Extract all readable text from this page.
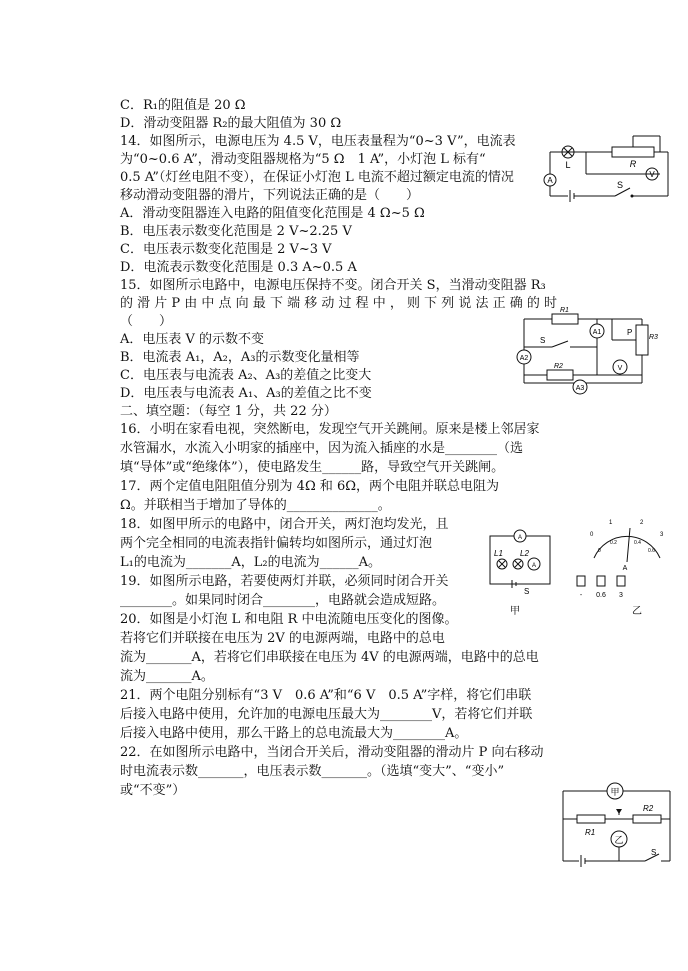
C．R₁的阻值是 20 Ω
D．滑动变阻器 R₂的最大阻值为 30 Ω
14．如图所示，电源电压为 4.5 V，电压表量程为“0~3 V”，电流表
为“0~0.6 A”，滑动变阻器规格为“5 Ω　1 A”，小灯泡 L 标有“
0.5 A”（灯丝电阻不变），在保证小灯泡 L 电流不超过额定电流的情况
移动滑动变阻器的滑片，下列说法正确的是（　　）
A．滑动变阻器连入电路的阻值变化范围是 4 Ω~5 Ω
B．电压表示数变化范围是 2 V~2.25 V
C．电压表示数变化范围是 2 V~3 V
D．电流表示数变化范围是 0.3 A~0.5 A
15．如图所示电路中，电源电压保持不变。闭合开关 S，当滑动变阻器 R₃
的 滑 片 P 由 中 点 向 最 下 端 移 动 过 程 中 ， 则 下 列 说 法 正 确 的 时
（　　）
A．电压表 V 的示数不变
B．电流表 A₁，A₂，A₃的示数变化量相等
C．电压表与电流表 A₂、A₃的差值之比变大
D．电压表与电流表 A₁、A₃的差值之比不变
二、填空题：（每空 1 分，共 22 分）
16．小明在家看电视，突然断电，发现空气开关跳闸。原来是楼上邻居家
水管漏水，水流入小明家的插座中，因为流入插座的水是________（选
填“导体”或“绝缘体”），使电路发生______路，导致空气开关跳闸。
17．两个定值电阻阻值分别为 4Ω 和 6Ω，两个电阻并联总电阻为
Ω。并联相当于增加了导体的______________。
18．如图甲所示的电路中，闭合开关，两灯泡均发光，且
两个完全相同的电流表指针偏转均如图所示，通过灯泡
L₁的电流为_______A，L₂的电流为______A。
19．如图所示电路，若要使两灯并联，必须同时闭合开关
________。如果同时闭合________，电路就会造成短路。
20．如图是小灯泡 L 和电阻 R 中电流随电压变化的图像。
若将它们并联接在电压为 2V 的电源两端，电路中的总电
流为_______A，若将它们串联接在电压为 4V 的电源两端，电路中的总电
流为_______A。
21．两个电阻分别标有“3 V　0.6 A”和“6 V　0.5 A”字样，将它们串联
后接入电路中使用，允许加的电源电压最大为________V，若将它们并联
后接入电路中使用，那么干路上的总电流最大为________A。
22．在如图所示电路中，当闭合开关后，滑动变阻器的滑动片 P 向右移动
时电流表示数_______，电压表示数_______。（选填“变大”、“变小”
或“不变”）
A
V
L	R
S
A2
A1
A3
V
R1
R2
R3
P
S
A
A
L1 L2
S
甲	乙
0
1	2
3
0
0.2	0.4
0.6
A
- 0.6 3
甲
乙
R1
R2
S
